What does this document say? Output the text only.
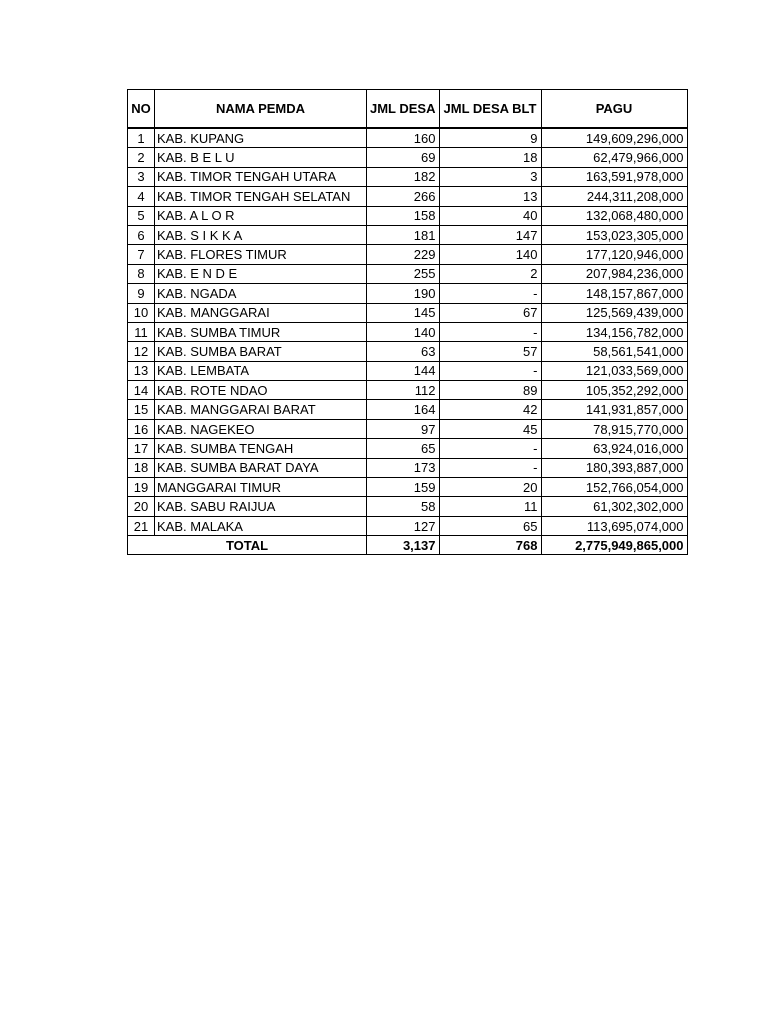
NO	NAMA PEMDA	JML DESA	JML DESA BLT	PAGU
1	KAB. KUPANG	160	9	149,609,296,000
2	KAB. B E L U	69	18	62,479,966,000
3	KAB. TIMOR TENGAH UTARA	182	3	163,591,978,000
4	KAB. TIMOR TENGAH SELATAN	266	13	244,311,208,000
5	KAB. A L O R	158	40	132,068,480,000
6	KAB. S I K K A	181	147	153,023,305,000
7	KAB. FLORES TIMUR	229	140	177,120,946,000
8	KAB. E N D E	255	2	207,984,236,000
9	KAB. NGADA	190	-	148,157,867,000
10	KAB. MANGGARAI	145	67	125,569,439,000
11	KAB. SUMBA TIMUR	140	-	134,156,782,000
12	KAB. SUMBA BARAT	63	57	58,561,541,000
13	KAB. LEMBATA	144	-	121,033,569,000
14	KAB. ROTE NDAO	112	89	105,352,292,000
15	KAB. MANGGARAI BARAT	164	42	141,931,857,000
16	KAB. NAGEKEO	97	45	78,915,770,000
17	KAB. SUMBA TENGAH	65	-	63,924,016,000
18	KAB. SUMBA BARAT DAYA	173	-	180,393,887,000
19	MANGGARAI TIMUR	159	20	152,766,054,000
20	KAB. SABU RAIJUA	58	11	61,302,302,000
21	KAB. MALAKA	127	65	113,695,074,000
TOTAL		3,137	768	2,775,949,865,000
